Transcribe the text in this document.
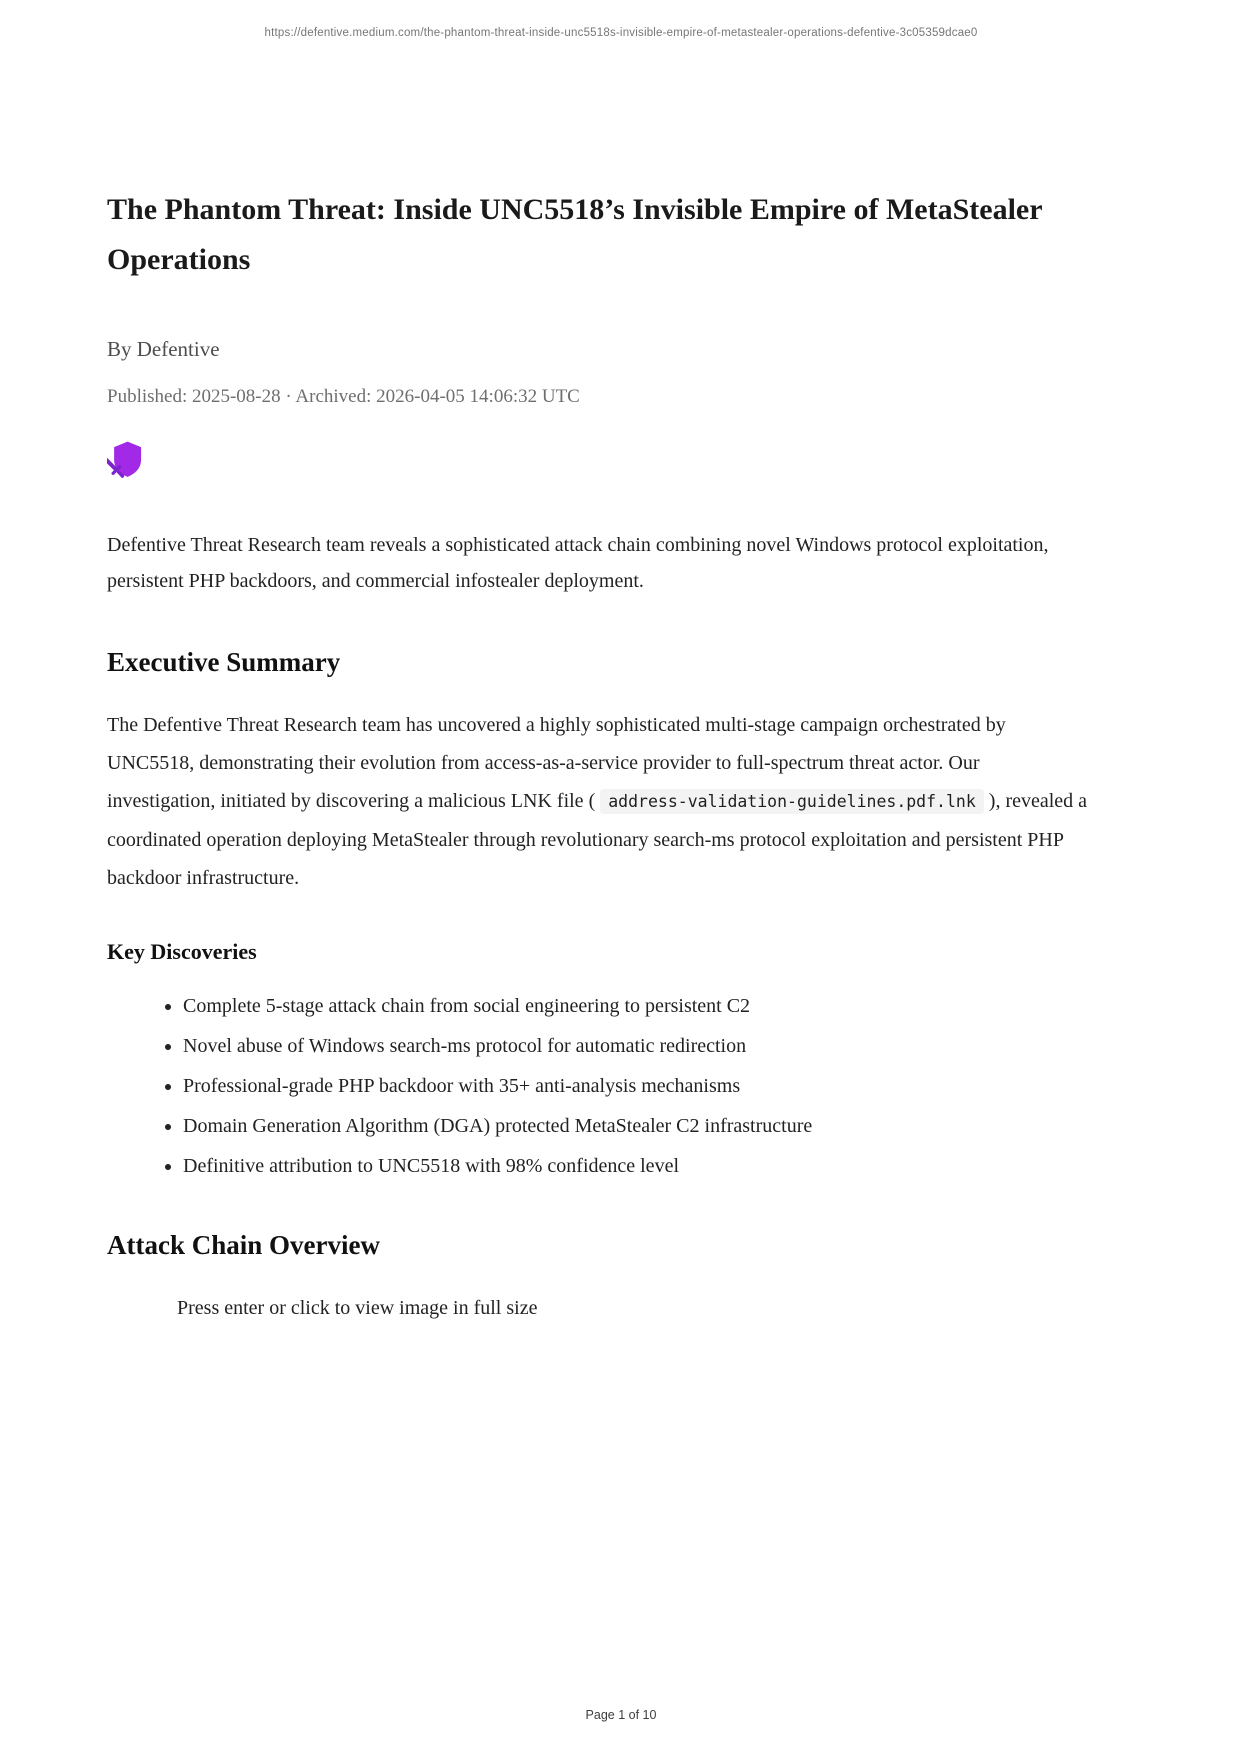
https://defentive.medium.com/the-phantom-threat-inside-unc5518s-invisible-empire-of-metastealer-operations-defentive-3c05359dcae0
The Phantom Threat: Inside UNC5518’s Invisible Empire of MetaStealer Operations
By Defentive
Published: 2025-08-28 · Archived: 2026-04-05 14:06:32 UTC

Defentive Threat Research team reveals a sophisticated attack chain combining novel Windows protocol exploitation, persistent PHP backdoors, and commercial infostealer deployment.

Executive Summary

The Defentive Threat Research team has uncovered a highly sophisticated multi-stage campaign orchestrated by UNC5518, demonstrating their evolution from access-as-a-service provider to full-spectrum threat actor. Our investigation, initiated by discovering a malicious LNK file ( address-validation-guidelines.pdf.lnk ), revealed a coordinated operation deploying MetaStealer through revolutionary search-ms protocol exploitation and persistent PHP backdoor infrastructure.

Key Discoveries
• Complete 5-stage attack chain from social engineering to persistent C2
• Novel abuse of Windows search-ms protocol for automatic redirection
• Professional-grade PHP backdoor with 35+ anti-analysis mechanisms
• Domain Generation Algorithm (DGA) protected MetaStealer C2 infrastructure
• Definitive attribution to UNC5518 with 98% confidence level
Attack Chain Overview
Press enter or click to view image in full size
Page 1 of 10
